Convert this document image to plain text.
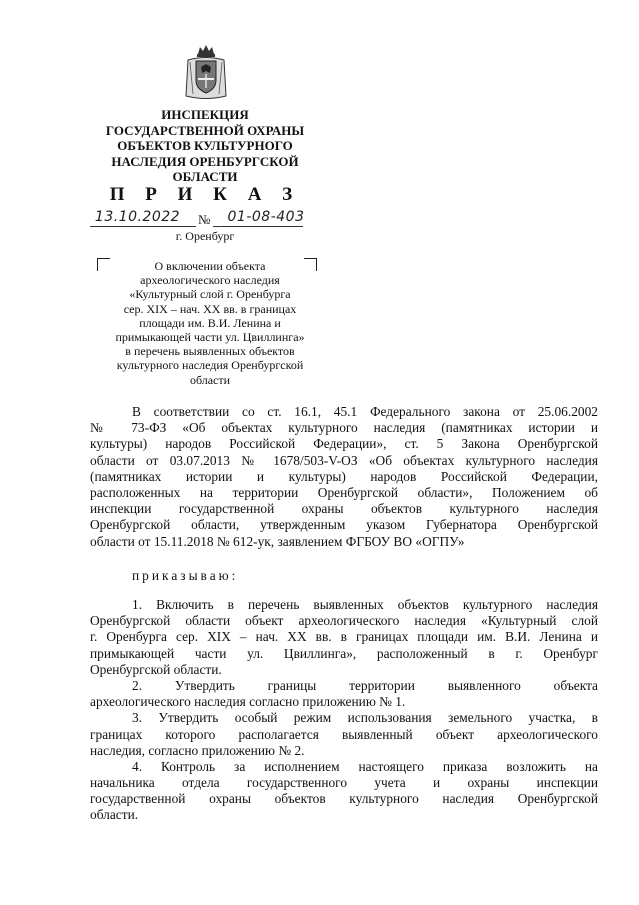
ИНСПЕКЦИЯ
ГОСУДАРСТВЕННОЙ ОХРАНЫ
ОБЪЕКТОВ КУЛЬТУРНОГО
НАСЛЕДИЯ ОРЕНБУРГСКОЙ
ОБЛАСТИ
П Р И К А З
13.10.2022	№	01-08-403
г. Оренбург
О включении объекта
археологического наследия
«Культурный слой г. Оренбурга
сер. XIX – нач. XX вв. в границах
площади им. В.И. Ленина и
примыкающей части ул. Цвиллинга»
в перечень выявленных объектов
культурного наследия Оренбургской
области
В соответствии со ст. 16.1, 45.1 Федерального закона от 25.06.2002
№ 73-ФЗ «Об объектах культурного наследия (памятниках истории и
культуры) народов Российской Федерации», ст. 5 Закона Оренбургской
области от 03.07.2013 № 1678/503-V-ОЗ «Об объектах культурного наследия
(памятниках истории и культуры) народов Российской Федерации,
расположенных на территории Оренбургской области», Положением об
инспекции государственной охраны объектов культурного наследия
Оренбургской области, утвержденным указом Губернатора Оренбургской
области от 15.11.2018 № 612-ук, заявлением ФГБОУ ВО «ОГПУ»
приказываю:
1. Включить в перечень выявленных объектов культурного наследия
Оренбургской области объект археологического наследия «Культурный слой
г. Оренбурга сер. XIX – нач. XX вв. в границах площади им. В.И. Ленина и
примыкающей части ул. Цвиллинга», расположенный в г. Оренбург
Оренбургской области.
2. Утвердить границы территории выявленного объекта
археологического наследия согласно приложению № 1.
3. Утвердить особый режим использования земельного участка, в
границах которого располагается выявленный объект археологического
наследия, согласно приложению № 2.
4. Контроль за исполнением настоящего приказа возложить на
начальника отдела государственного учета и охраны инспекции
государственной охраны объектов культурного наследия Оренбургской
области.
